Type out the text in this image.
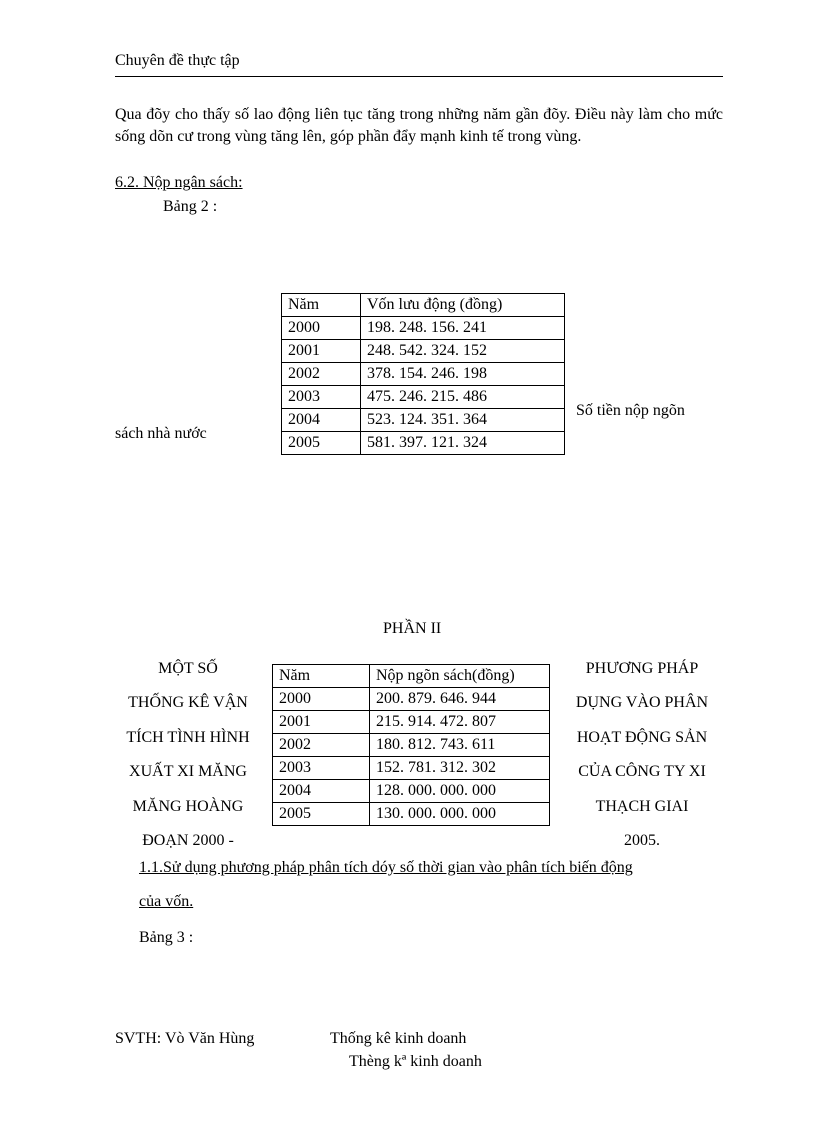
Chuyên đề thực tập
Qua đõy cho thấy số lao động liên tục tăng trong những năm gần đõy. Điều này làm cho mức sống dõn cư trong vùng tăng lên, góp phần đẩy mạnh kinh tế trong vùng.
6.2. Nộp ngân sách:
Bảng 2 :
Năm	Vốn lưu động (đồng)
2000	198. 248. 156. 241
2001	248. 542. 324. 152
2002	378. 154. 246. 198
2003	475. 246. 215. 486
2004	523. 124. 351. 364
2005	581. 397. 121. 324
Số tiền nộp ngõn
sách nhà nước
PHẦN II
MỘT SỐ
THỐNG KÊ VẬN
TÍCH TÌNH HÌNH
XUẤT XI MĂNG
MĂNG HOÀNG
ĐOẠN 2000 -
PHƯƠNG PHÁP
DỤNG VÀO PHÂN
HOẠT ĐỘNG SẢN
CỦA CÔNG TY XI
THẠCH GIAI
2005.
Năm	Nộp ngõn sách(đồng)
2000	200. 879. 646. 944
2001	215. 914. 472. 807
2002	180. 812. 743. 611
2003	152. 781. 312. 302
2004	128. 000. 000. 000
2005	130. 000. 000. 000
1.1.Sử dụng phương pháp phân tích dóy số thời gian vào phân tích biến động
của vốn.
Bảng 3 :
SVTH: Vò Văn Hùng	Thống kê kinh doanh
Thèng kª kinh doanh
